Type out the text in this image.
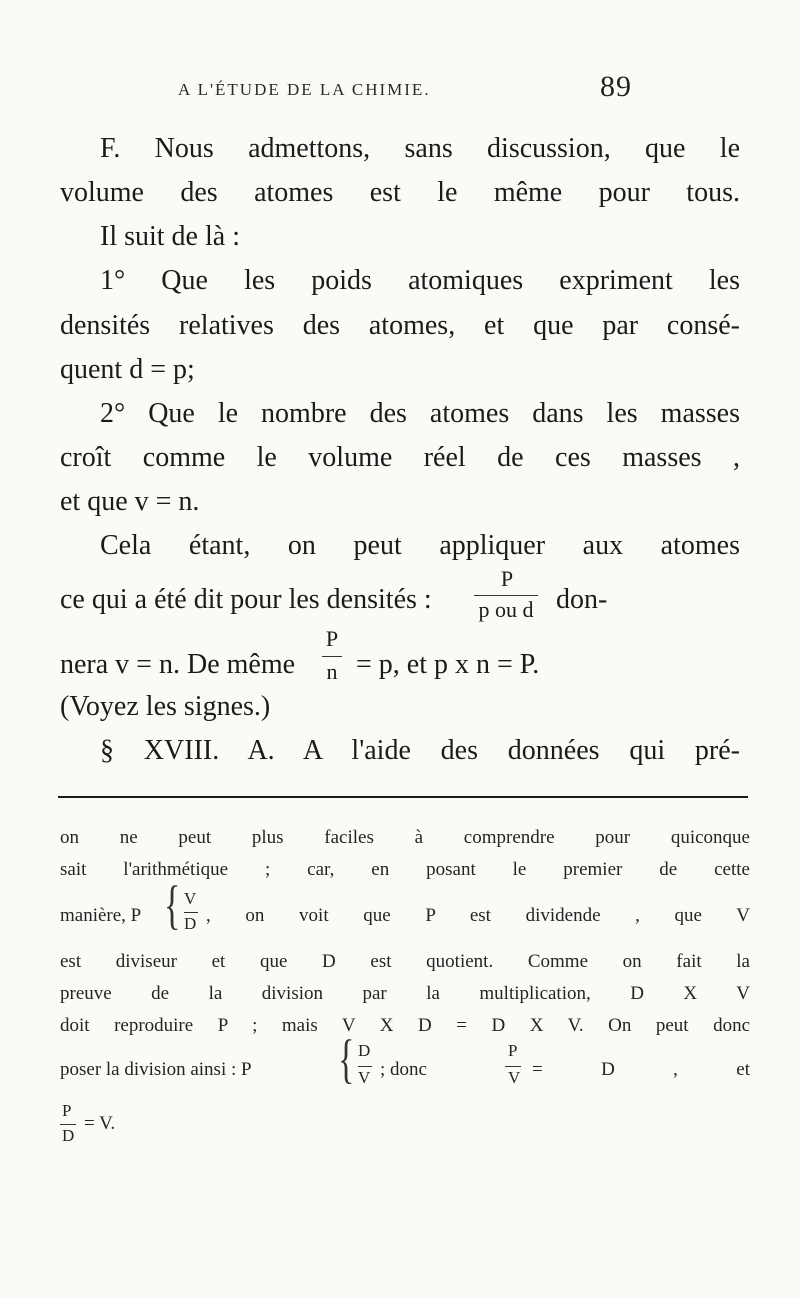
A L'ÉTUDE DE LA CHIMIE.	89
F. Nous admettons, sans discussion, que le
volume des atomes est le même pour tous.
Il suit de là :
1° Que les poids atomiques expriment les
densités relatives des atomes, et que par consé-
quent d = p;
2° Que le nombre des atomes dans les masses
croît comme le volume réel de ces masses ,
et que v = n.
Cela étant, on peut appliquer aux atomes
ce qui a été dit pour les densités :
P
p ou d don-
nera v = n. De même
P
n = p, et p x n = P.
(Voyez les signes.)
on ne peut plus faciles à comprendre pour quiconque
sait l'arithmétique ; car, en posant le premier de cette
manière, P { V
D , on voit que P est dividende , que V
est diviseur et que D est quotient. Comme on fait la
preuve de la division par la multiplication, D X V
doit reproduire P ; mais V X D = D X V. On peut donc
poser la division ainsi : P	{ D
V ; donc
P
V = D , et
P
D
= V.
§ XVIII. A. A l'aide des données qui pré-
